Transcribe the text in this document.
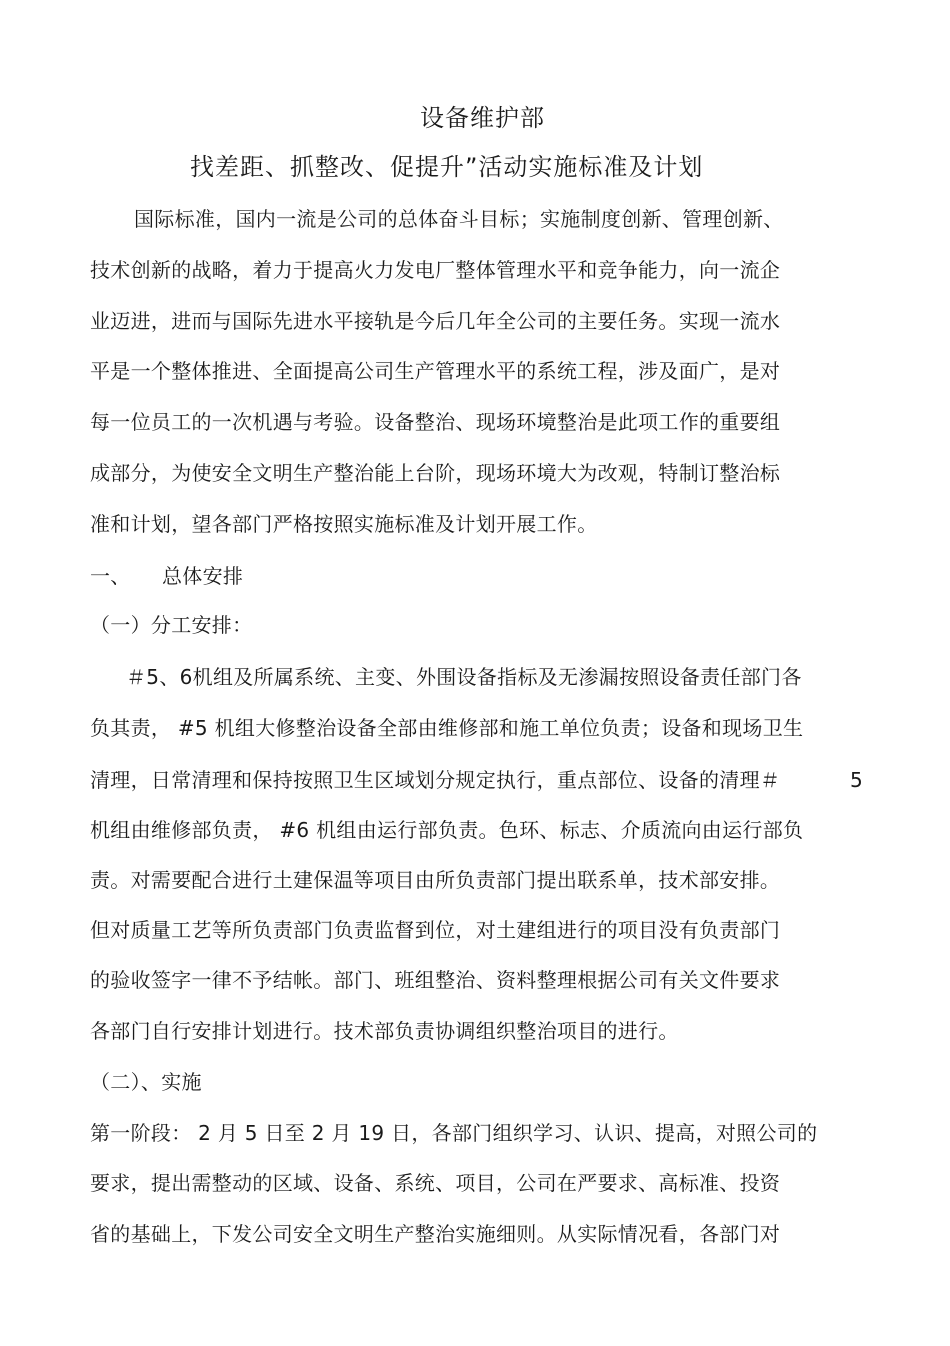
设备维护部
找差距、抓整改、促提升”活动实施标准及计划
国际标准，国内一流是公司的总体奋斗目标；实施制度创新、管理创新、
技术创新的战略，着力于提高火力发电厂整体管理水平和竞争能力，向一流企
业迈进，进而与国际先进水平接轨是今后几年全公司的主要任务。实现一流水
平是一个整体推进、全面提高公司生产管理水平的系统工程，涉及面广，是对
每一位员工的一次机遇与考验。设备整治、现场环境整治是此项工作的重要组
成部分，为使安全文明生产整治能上台阶，现场环境大为改观，特制订整治标
准和计划，望各部门严格按照实施标准及计划开展工作。
一、 总体安排
（一）分工安排：
＃5、6机组及所属系统、主变、外围设备指标及无渗漏按照设备责任部门各
负其责， #5 机组大修整治设备全部由维修部和施工单位负责；设备和现场卫生
清理，日常清理和保持按照卫生区域划分规定执行，重点部位、设备的清理＃	5
机组由维修部负责， #6 机组由运行部负责。色环、标志、介质流向由运行部负
责。对需要配合进行土建保温等项目由所负责部门提出联系单，技术部安排。
但对质量工艺等所负责部门负责监督到位，对土建组进行的项目没有负责部门
的验收签字一律不予结帐。部门、班组整治、资料整理根据公司有关文件要求
各部门自行安排计划进行。技术部负责协调组织整治项目的进行。
（二）、实施
第一阶段： 2 月 5 日至 2 月 19 日，各部门组织学习、认识、提高，对照公司的
要求，提出需整动的区域、设备、系统、项目，公司在严要求、高标准、投资
省的基础上，下发公司安全文明生产整治实施细则。从实际情况看，各部门对
